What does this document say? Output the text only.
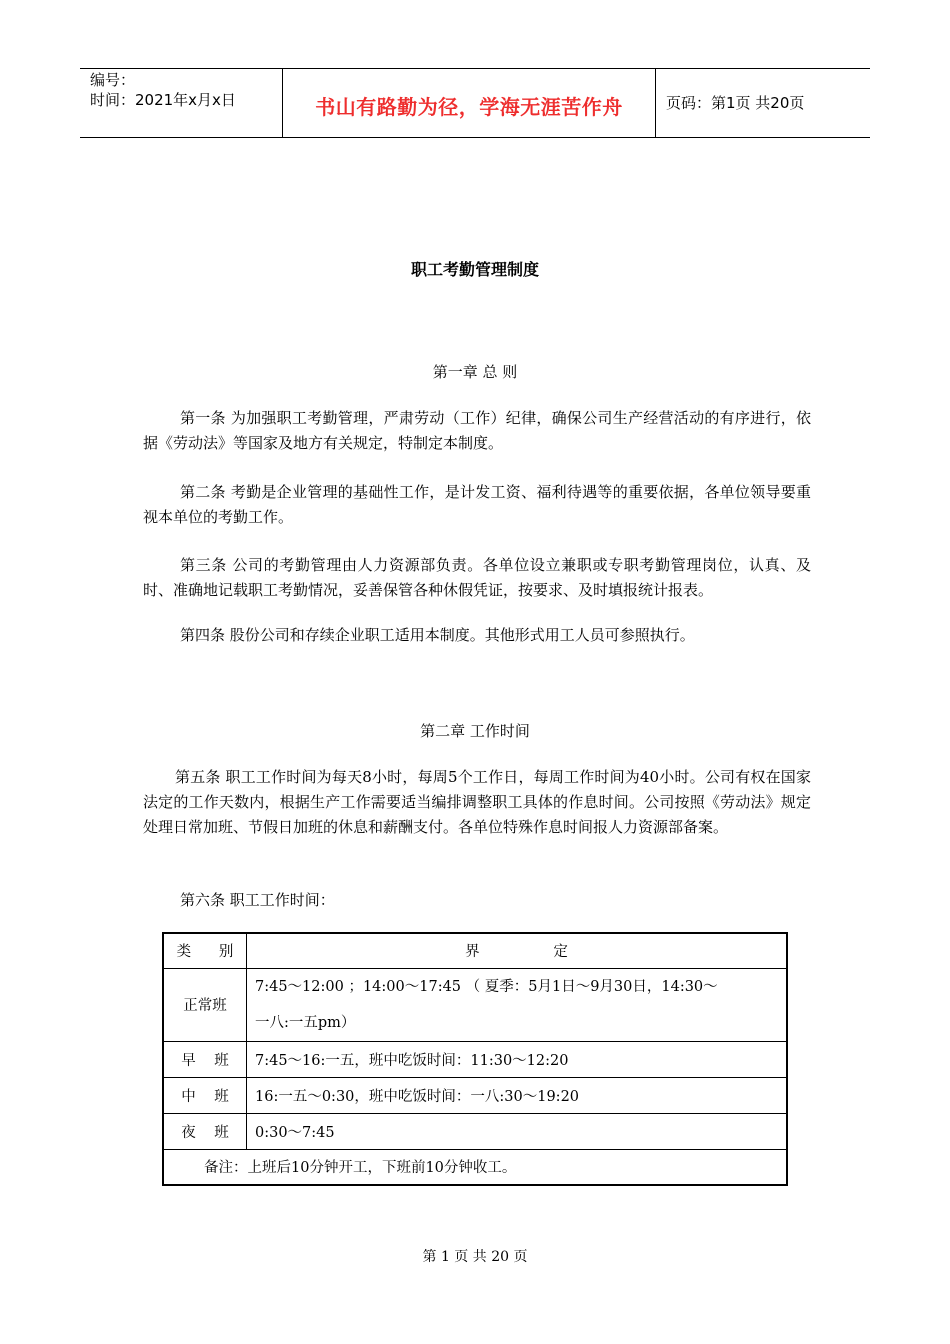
编号：
时间：2021年x月x日	书山有路勤为径，学海无涯苦作舟	页码：第1页 共20页
职工考勤管理制度
第一章 总 则

第一条 为加强职工考勤管理，严肃劳动（工作）纪律，确保公司生产经营活动的有序进行，依据《劳动法》等国家及地方有关规定，特制定本制度。

第二条 考勤是企业管理的基础性工作，是计发工资、福利待遇等的重要依据，各单位领导要重视本单位的考勤工作。

第三条 公司的考勤管理由人力资源部负责。各单位设立兼职或专职考勤管理岗位，认真、及时、准确地记载职工考勤情况，妥善保管各种休假凭证，按要求、及时填报统计报表。

第四条 股份公司和存续企业职工适用本制度。其他形式用工人员可参照执行。

第二章 工作时间

第五条 职工工作时间为每天8小时，每周5个工作日，每周工作时间为40小时。公司有权在国家法定的工作天数内，根据生产工作需要适当编排调整职工具体的作息时间。公司按照《劳动法》规定处理日常加班、节假日加班的休息和薪酬支付。各单位特殊作息时间报人力资源部备案。

第六条 职工工作时间：

类      别	界                定
正常班	7:45～12:00 ；14:00～17:45 （ 夏季：5月1日～9月30日，14:30～
一八:一五pm）

早    班	7:45～16:一五，班中吃饭时间：11:30～12:20
中    班	16:一五～0:30，班中吃饭时间：一八:30～19:20
夜    班	0:30～7:45
备注：上班后10分钟开工，下班前10分钟收工。	
第 1 页 共 20 页
